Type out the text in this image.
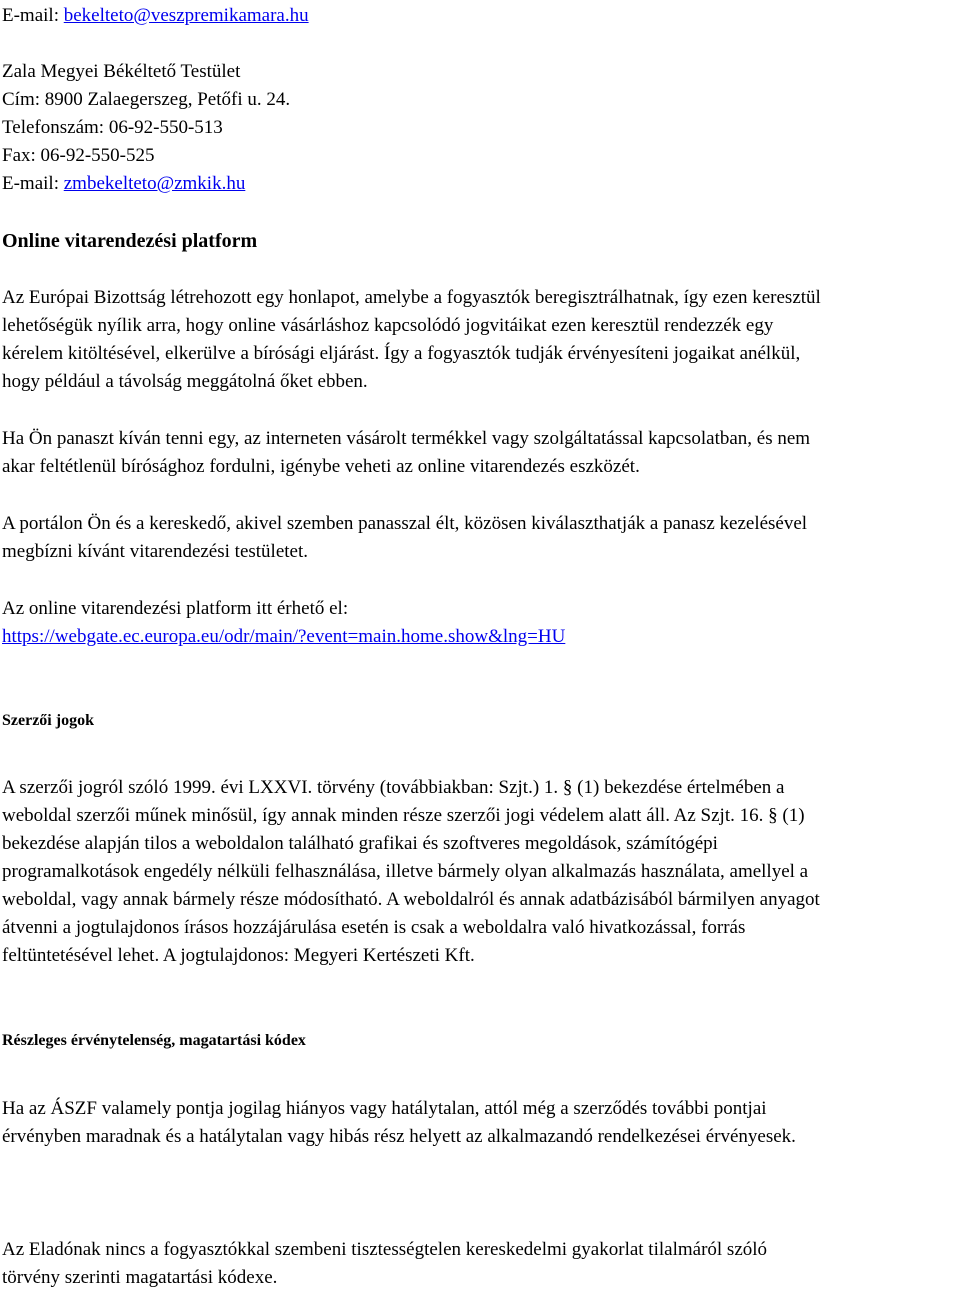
E-mail: bekelteto@veszpremikamara.hu
Zala Megyei Békéltető Testület
Cím: 8900 Zalaegerszeg, Petőfi u. 24.
Telefonszám: 06-92-550-513
Fax: 06-92-550-525
E-mail: zmbekelteto@zmkik.hu
Online vitarendezési platform
Az Európai Bizottság létrehozott egy honlapot, amelybe a fogyasztók beregisztrálhatnak, így ezen keresztül
lehetőségük nyílik arra, hogy online vásárláshoz kapcsolódó jogvitáikat ezen keresztül rendezzék egy
kérelem kitöltésével, elkerülve a bírósági eljárást. Így a fogyasztók tudják érvényesíteni jogaikat anélkül,
hogy például a távolság meggátolná őket ebben.
Ha Ön panaszt kíván tenni egy, az interneten vásárolt termékkel vagy szolgáltatással kapcsolatban, és nem
akar feltétlenül bírósághoz fordulni, igénybe veheti az online vitarendezés eszközét.
A portálon Ön és a kereskedő, akivel szemben panasszal élt, közösen kiválaszthatják a panasz kezelésével
megbízni kívánt vitarendezési testületet.
Az online vitarendezési platform itt érhető el:
https://webgate.ec.europa.eu/odr/main/?event=main.home.show&lng=HU
Szerzői jogok
A szerzői jogról szóló 1999. évi LXXVI. törvény (továbbiakban: Szjt.) 1. § (1) bekezdése értelmében a
weboldal szerzői műnek minősül, így annak minden része szerzői jogi védelem alatt áll. Az Szjt. 16. § (1)
bekezdése alapján tilos a weboldalon található grafikai és szoftveres megoldások, számítógépi
programalkotások engedély nélküli felhasználása, illetve bármely olyan alkalmazás használata, amellyel a
weboldal, vagy annak bármely része módosítható. A weboldalról és annak adatbázisából bármilyen anyagot
átvenni a jogtulajdonos írásos hozzájárulása esetén is csak a weboldalra való hivatkozással, forrás
feltüntetésével lehet. A jogtulajdonos: Megyeri Kertészeti Kft.
Részleges érvénytelenség, magatartási kódex
Ha az ÁSZF valamely pontja jogilag hiányos vagy hatálytalan, attól még a szerződés további pontjai
érvényben maradnak és a hatálytalan vagy hibás rész helyett az alkalmazandó rendelkezései érvényesek.
Az Eladónak nincs a fogyasztókkal szembeni tisztességtelen kereskedelmi gyakorlat tilalmáról szóló
törvény szerinti magatartási kódexe.
